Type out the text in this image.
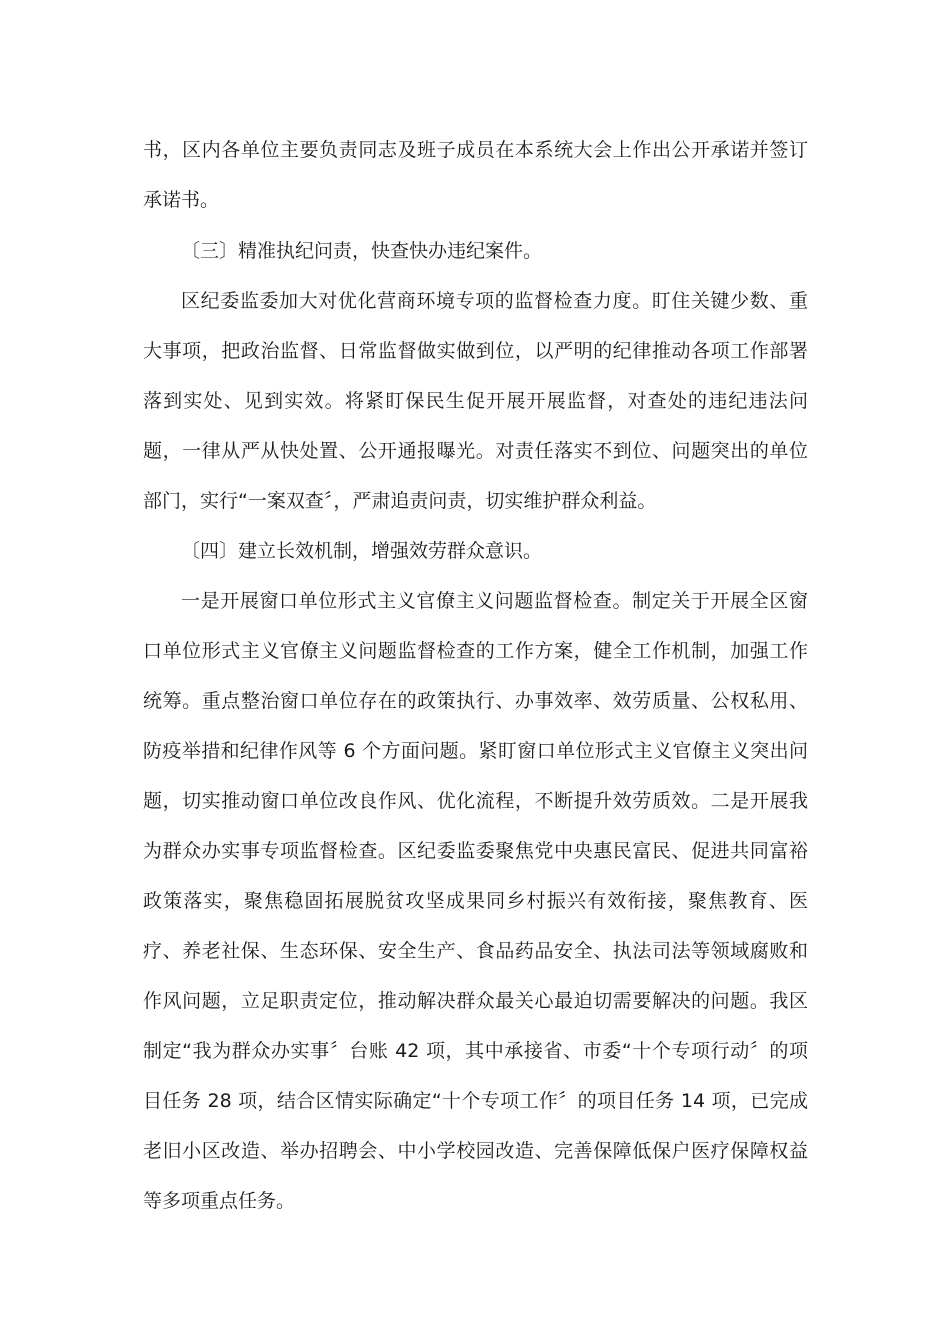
书，区内各单位主要负责同志及班子成员在本系统大会上作出公开承诺并签订
承诺书。
〔三〕精准执纪问责，快查快办违纪案件。
区纪委监委加大对优化营商环境专项的监督检查力度。盯住关键少数、重
大事项，把政治监督、日常监督做实做到位，以严明的纪律推动各项工作部署
落到实处、见到实效。将紧盯保民生促开展开展监督，对查处的违纪违法问
题，一律从严从快处置、公开通报曝光。对责任落实不到位、问题突出的单位
部门，实行“一案双查〞，严肃追责问责，切实维护群众利益。
〔四〕建立长效机制，增强效劳群众意识。
一是开展窗口单位形式主义官僚主义问题监督检查。制定关于开展全区窗
口单位形式主义官僚主义问题监督检查的工作方案，健全工作机制，加强工作
统筹。重点整治窗口单位存在的政策执行、办事效率、效劳质量、公权私用、
防疫举措和纪律作风等 6 个方面问题。紧盯窗口单位形式主义官僚主义突出问
题，切实推动窗口单位改良作风、优化流程，不断提升效劳质效。二是开展我
为群众办实事专项监督检查。区纪委监委聚焦党中央惠民富民、促进共同富裕
政策落实，聚焦稳固拓展脱贫攻坚成果同乡村振兴有效衔接，聚焦教育、医
疗、养老社保、生态环保、安全生产、食品药品安全、执法司法等领域腐败和
作风问题，立足职责定位，推动解决群众最关心最迫切需要解决的问题。我区
制定“我为群众办实事〞台账 42 项，其中承接省、市委“十个专项行动〞的项
目任务 28 项，结合区情实际确定“十个专项工作〞的项目任务 14 项，已完成
老旧小区改造、举办招聘会、中小学校园改造、完善保障低保户医疗保障权益
等多项重点任务。
